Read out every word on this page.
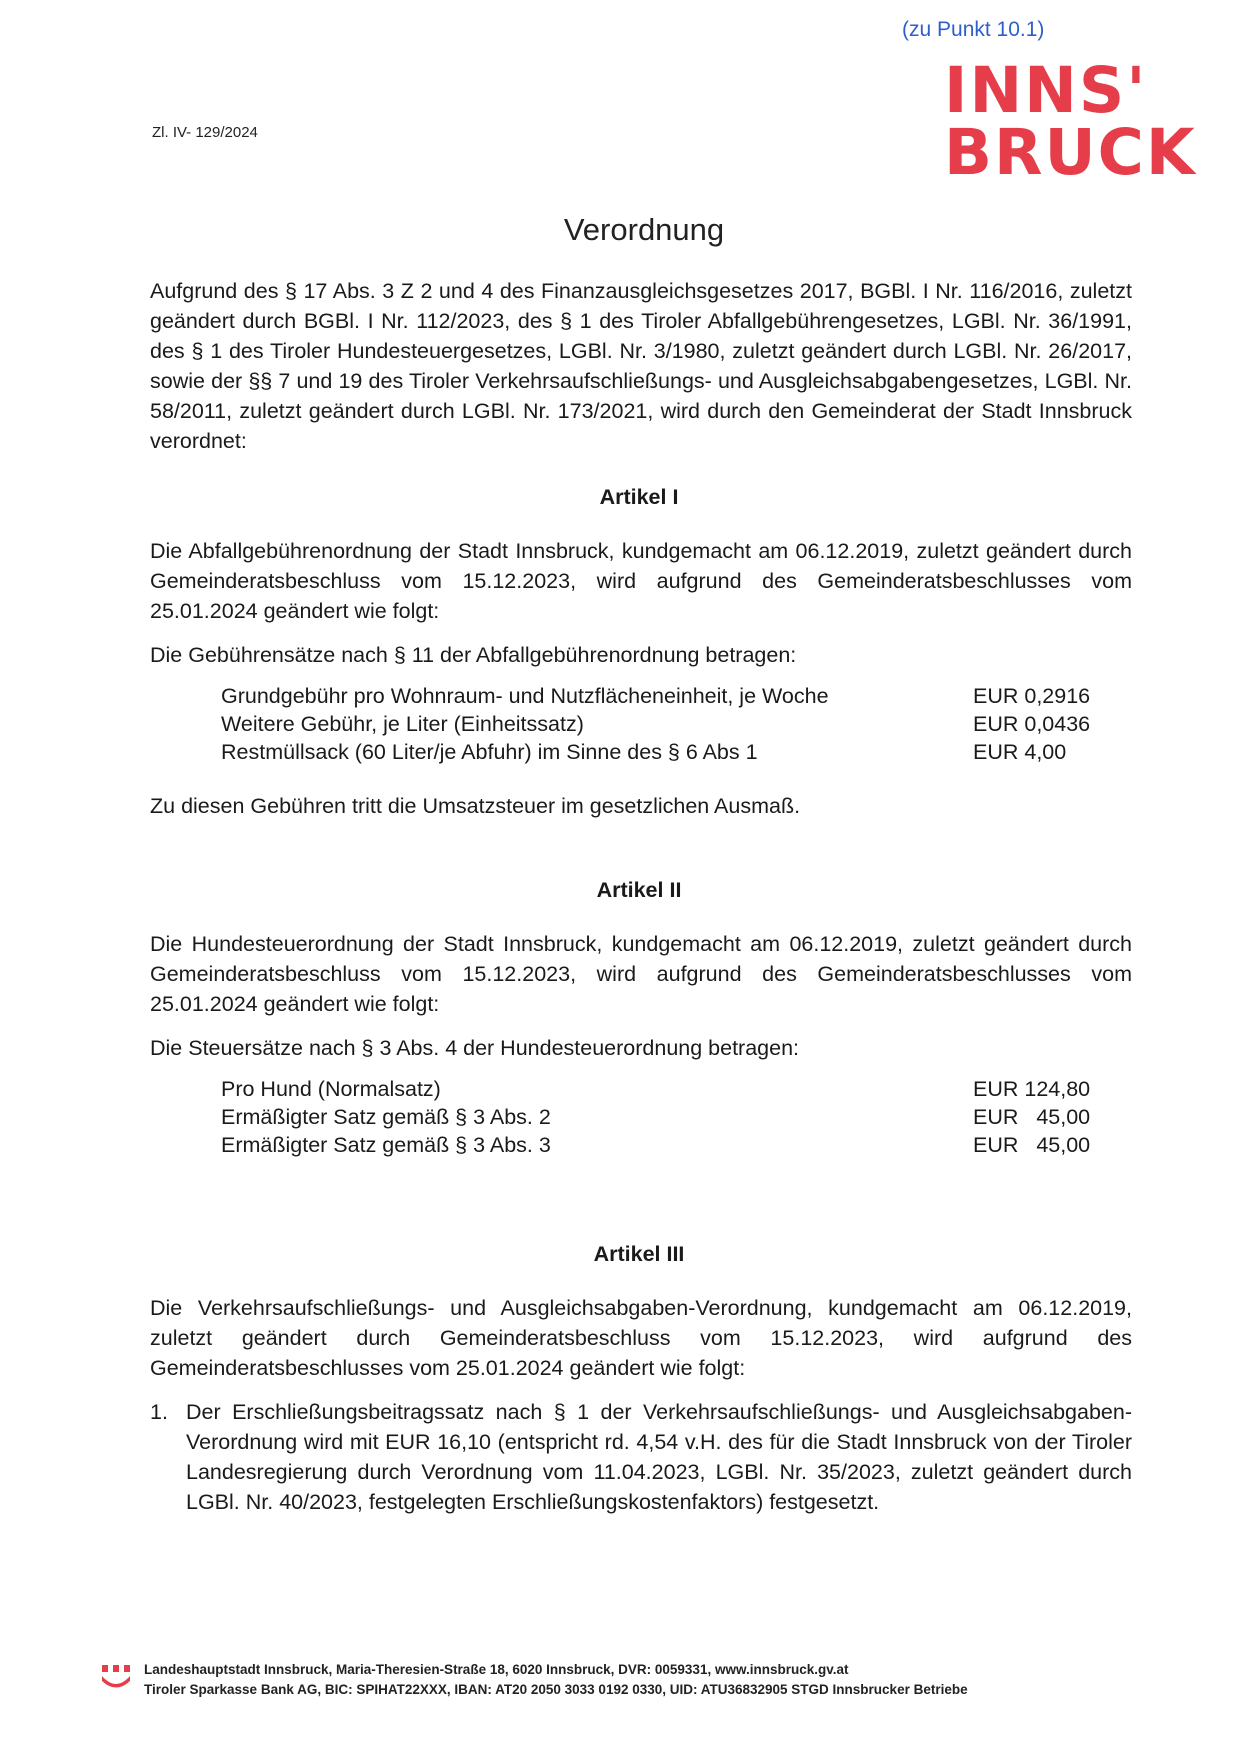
(zu Punkt 10.1)
Zl. IV- 129/2024
INNS'
BRUCK
Verordnung
Aufgrund des § 17 Abs. 3 Z 2 und 4 des Finanzausgleichsgesetzes 2017, BGBl. I Nr. 116/2016, zuletzt geändert durch BGBl. I Nr. 112/2023, des § 1 des Tiroler Abfallgebührengesetzes, LGBl. Nr. 36/1991, des § 1 des Tiroler Hundesteuergesetzes, LGBl. Nr. 3/1980, zuletzt geändert durch LGBl. Nr. 26/2017, sowie der §§ 7 und 19 des Tiroler Verkehrsaufschließungs- und Ausgleichsabgabengesetzes, LGBl. Nr. 58/2011, zuletzt geändert durch LGBl. Nr. 173/2021, wird durch den Gemeinderat der Stadt Innsbruck verordnet:
Artikel I
Die Abfallgebührenordnung der Stadt Innsbruck, kundgemacht am 06.12.2019, zuletzt geändert durch Gemeinderatsbeschluss vom 15.12.2023, wird aufgrund des Gemeinderatsbeschlusses vom 25.01.2024 geändert wie folgt:
Die Gebührensätze nach § 11 der Abfallgebührenordnung betragen:
Grundgebühr pro Wohnraum- und Nutzflächeneinheit, je Woche	EUR 0,2916
Weitere Gebühr, je Liter (Einheitssatz)	EUR 0,0436
Restmüllsack (60 Liter/je Abfuhr) im Sinne des § 6 Abs 1	EUR 4,00
Zu diesen Gebühren tritt die Umsatzsteuer im gesetzlichen Ausmaß.
Artikel II
Die Hundesteuerordnung der Stadt Innsbruck, kundgemacht am 06.12.2019, zuletzt geändert durch Gemeinderatsbeschluss vom 15.12.2023, wird aufgrund des Gemeinderatsbeschlusses vom 25.01.2024 geändert wie folgt:
Die Steuersätze nach § 3 Abs. 4 der Hundesteuerordnung betragen:
Pro Hund (Normalsatz)	EUR 124,80
Ermäßigter Satz gemäß § 3 Abs. 2	EUR   45,00
Ermäßigter Satz gemäß § 3 Abs. 3	EUR   45,00
Artikel III
Die Verkehrsaufschließungs- und Ausgleichsabgaben-Verordnung, kundgemacht am 06.12.2019, zuletzt geändert durch Gemeinderatsbeschluss vom 15.12.2023, wird aufgrund des Gemeinderatsbeschlusses vom 25.01.2024 geändert wie folgt:
1. Der Erschließungsbeitragssatz nach § 1 der Verkehrsaufschließungs- und Ausgleichsabgaben-Verordnung wird mit EUR 16,10 (entspricht rd. 4,54 v.H. des für die Stadt Innsbruck von der Tiroler Landesregierung durch Verordnung vom 11.04.2023, LGBl. Nr. 35/2023, zuletzt geändert durch LGBl. Nr. 40/2023, festgelegten Erschließungskostenfaktors) festgesetzt.
Landeshauptstadt Innsbruck, Maria-Theresien-Straße 18, 6020 Innsbruck, DVR: 0059331, www.innsbruck.gv.at
Tiroler Sparkasse Bank AG, BIC: SPIHAT22XXX, IBAN: AT20 2050 3033 0192 0330, UID: ATU36832905 STGD Innsbrucker Betriebe
